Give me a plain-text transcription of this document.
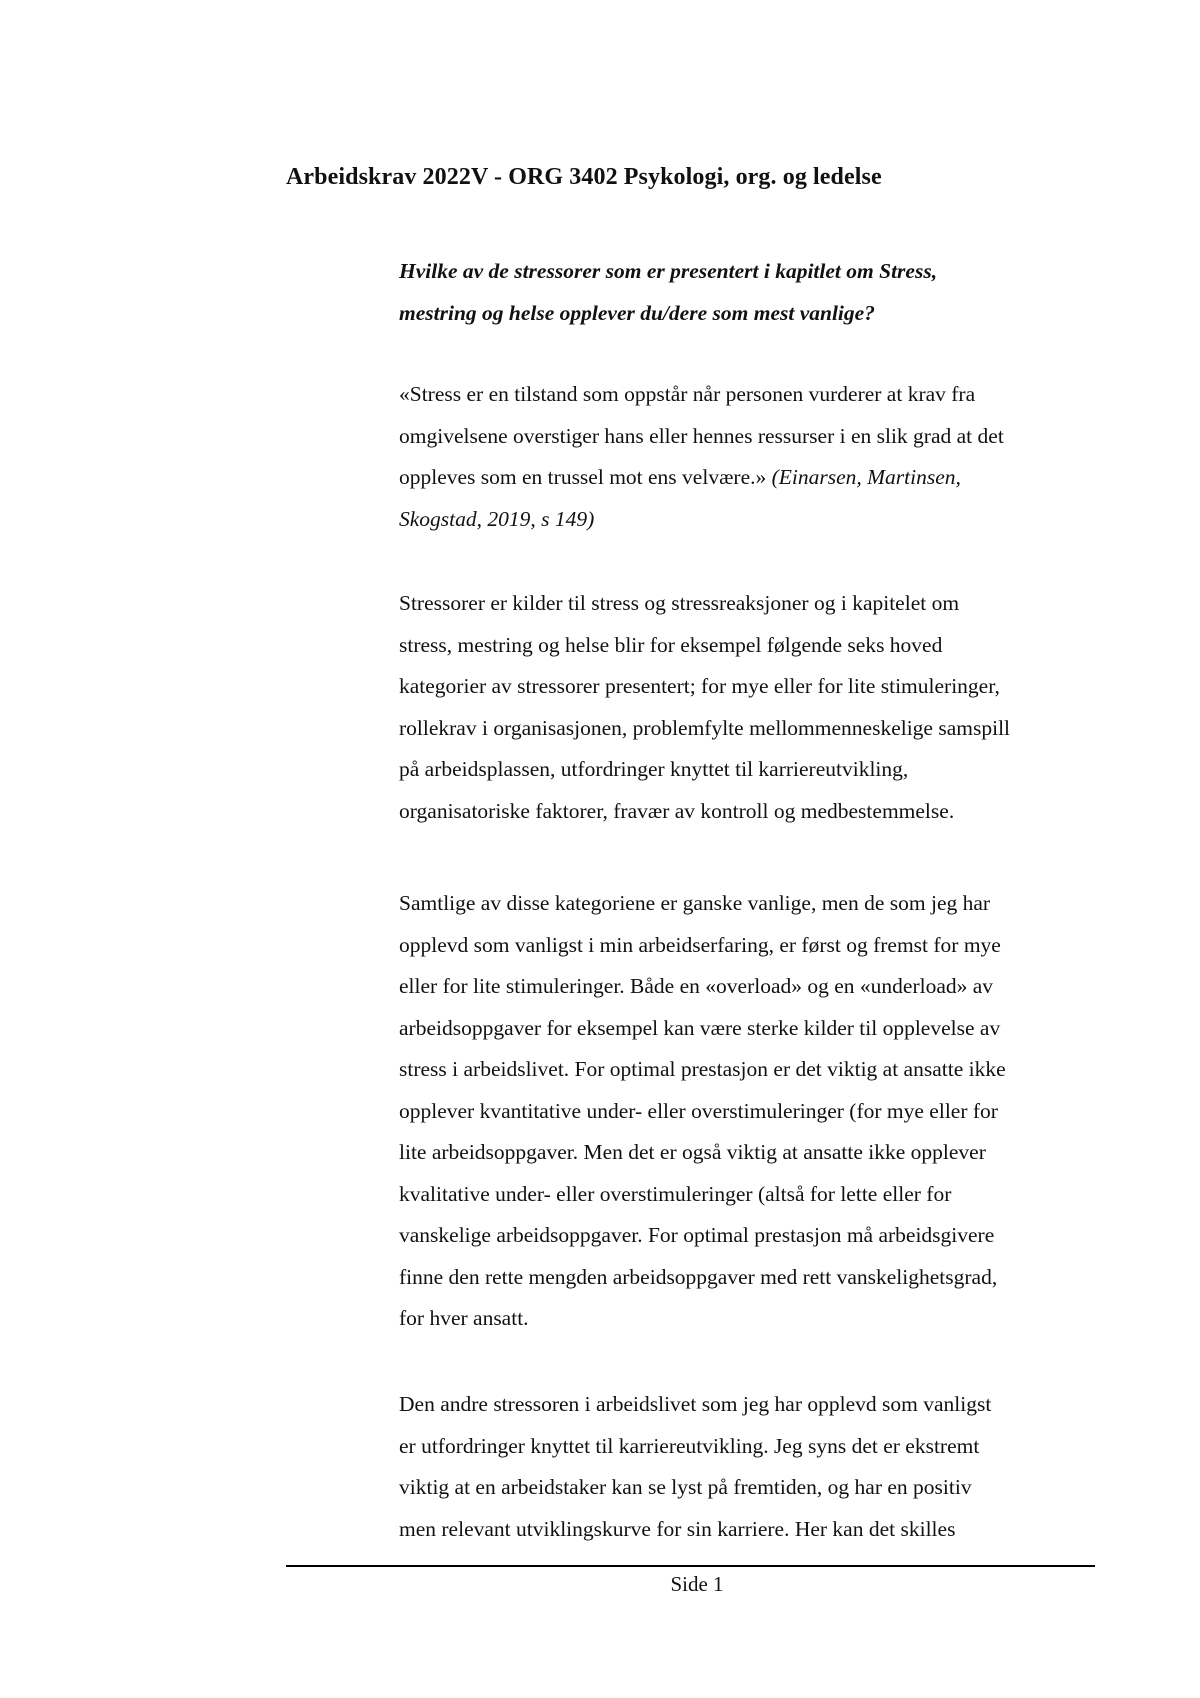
Arbeidskrav 2022V - ORG 3402 Psykologi, org. og ledelse
Hvilke av de stressorer som er presentert i kapitlet om Stress,
mestring og helse opplever du/dere som mest vanlige?
«Stress er en tilstand som oppstår når personen vurderer at krav fra
omgivelsene overstiger hans eller hennes ressurser i en slik grad at det
oppleves som en trussel mot ens velvære.» (Einarsen, Martinsen,
Skogstad, 2019, s 149)
Stressorer er kilder til stress og stressreaksjoner og i kapitelet om
stress, mestring og helse blir for eksempel følgende seks hoved
kategorier av stressorer presentert; for mye eller for lite stimuleringer,
rollekrav i organisasjonen, problemfylte mellommenneskelige samspill
på arbeidsplassen, utfordringer knyttet til karriereutvikling,
organisatoriske faktorer, fravær av kontroll og medbestemmelse.
Samtlige av disse kategoriene er ganske vanlige, men de som jeg har
opplevd som vanligst i min arbeidserfaring, er først og fremst for mye
eller for lite stimuleringer. Både en «overload» og en «underload» av
arbeidsoppgaver for eksempel kan være sterke kilder til opplevelse av
stress i arbeidslivet. For optimal prestasjon er det viktig at ansatte ikke
opplever kvantitative under- eller overstimuleringer (for mye eller for
lite arbeidsoppgaver. Men det er også viktig at ansatte ikke opplever
kvalitative under- eller overstimuleringer (altså for lette eller for
vanskelige arbeidsoppgaver. For optimal prestasjon må arbeidsgivere
finne den rette mengden arbeidsoppgaver med rett vanskelighetsgrad,
for hver ansatt.
Den andre stressoren i arbeidslivet som jeg har opplevd som vanligst
er utfordringer knyttet til karriereutvikling. Jeg syns det er ekstremt
viktig at en arbeidstaker kan se lyst på fremtiden, og har en positiv
men relevant utviklingskurve for sin karriere. Her kan det skilles
Side 1
